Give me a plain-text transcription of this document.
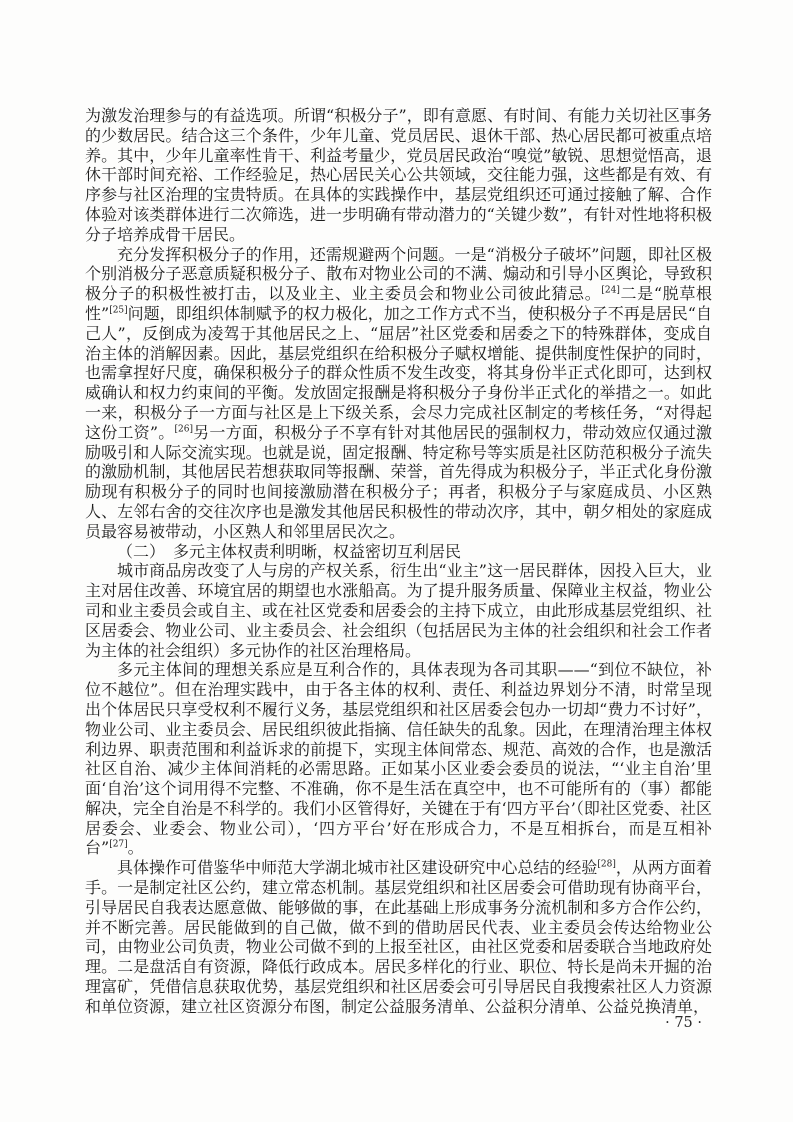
为激发治理参与的有益选项。所谓“积极分子”，即有意愿、有时间、有能力关切社区事务的少数居民。结合这三个条件，少年儿童、党员居民、退休干部、热心居民都可被重点培养。其中，少年儿童率性肯干、利益考量少，党员居民政治“嗅觉”敏锐、思想觉悟高，退休干部时间充裕、工作经验足，热心居民关心公共领域，交往能力强，这些都是有效、有序参与社区治理的宝贵特质。在具体的实践操作中，基层党组织还可通过接触了解、合作体验对该类群体进行二次筛选，进一步明确有带动潜力的“关键少数”，有针对性地将积极分子培养成骨干居民。

充分发挥积极分子的作用，还需规避两个问题。一是“消极分子破坏”问题，即社区极个别消极分子恶意质疑积极分子、散布对物业公司的不满、煽动和引导小区舆论，导致积极分子的积极性被打击，以及业主、业主委员会和物业公司彼此猜忌。[24]二是“脱草根性”[25]问题，即组织体制赋予的权力极化，加之工作方式不当，使积极分子不再是居民“自己人”，反倒成为凌驾于其他居民之上、“屈居”社区党委和居委之下的特殊群体，变成自治主体的消解因素。因此，基层党组织在给积极分子赋权增能、提供制度性保护的同时，也需拿捏好尺度，确保积极分子的群众性质不发生改变，将其身份半正式化即可，达到权威确认和权力约束间的平衡。发放固定报酬是将积极分子身份半正式化的举措之一。如此一来，积极分子一方面与社区是上下级关系，会尽力完成社区制定的考核任务，“对得起这份工资”。[26]另一方面，积极分子不享有针对其他居民的强制权力，带动效应仅通过激励吸引和人际交流实现。也就是说，固定报酬、特定称号等实质是社区防范积极分子流失的激励机制，其他居民若想获取同等报酬、荣誉，首先得成为积极分子，半正式化身份激励现有积极分子的同时也间接激励潜在积极分子；再者，积极分子与家庭成员、小区熟人、左邻右舍的交往次序也是激发其他居民积极性的带动次序，其中，朝夕相处的家庭成员最容易被带动，小区熟人和邻里居民次之。

（二）　多元主体权责利明晰，权益密切互利居民

城市商品房改变了人与房的产权关系，衍生出“业主”这一居民群体，因投入巨大，业主对居住改善、环境宜居的期望也水涨船高。为了提升服务质量、保障业主权益，物业公司和业主委员会或自主、或在社区党委和居委会的主持下成立，由此形成基层党组织、社区居委会、物业公司、业主委员会、社会组织（包括居民为主体的社会组织和社会工作者为主体的社会组织）多元协作的社区治理格局。

多元主体间的理想关系应是互利合作的，具体表现为各司其职——“到位不缺位，补位不越位”。但在治理实践中，由于各主体的权利、责任、利益边界划分不清，时常呈现出个体居民只享受权利不履行义务，基层党组织和社区居委会包办一切却“费力不讨好”，物业公司、业主委员会、居民组织彼此指摘、信任缺失的乱象。因此，在理清治理主体权利边界、职责范围和利益诉求的前提下，实现主体间常态、规范、高效的合作，也是激活社区自治、减少主体间消耗的必需思路。正如某小区业委会委员的说法，“‘业主自治’里面‘自治’这个词用得不完整、不准确，你不是生活在真空中，也不可能所有的（事）都能解决，完全自治是不科学的。我们小区管得好，关键在于有‘四方平台’（即社区党委、社区居委会、业委会、物业公司），‘四方平台’好在形成合力，不是互相拆台，而是互相补台”[27]。

具体操作可借鉴华中师范大学湖北城市社区建设研究中心总结的经验[28]，从两方面着手。一是制定社区公约，建立常态机制。基层党组织和社区居委会可借助现有协商平台，引导居民自我表达愿意做、能够做的事，在此基础上形成事务分流机制和多方合作公约，并不断完善。居民能做到的自己做，做不到的借助居民代表、业主委员会传达给物业公司，由物业公司负责，物业公司做不到的上报至社区，由社区党委和居委联合当地政府处理。二是盘活自有资源，降低行政成本。居民多样化的行业、职位、特长是尚未开掘的治理富矿，凭借信息获取优势，基层党组织和社区居委会可引导居民自我搜索社区人力资源和单位资源，建立社区资源分布图，制定公益服务清单、公益积分清单、公益兑换清单，

· 75 ·
